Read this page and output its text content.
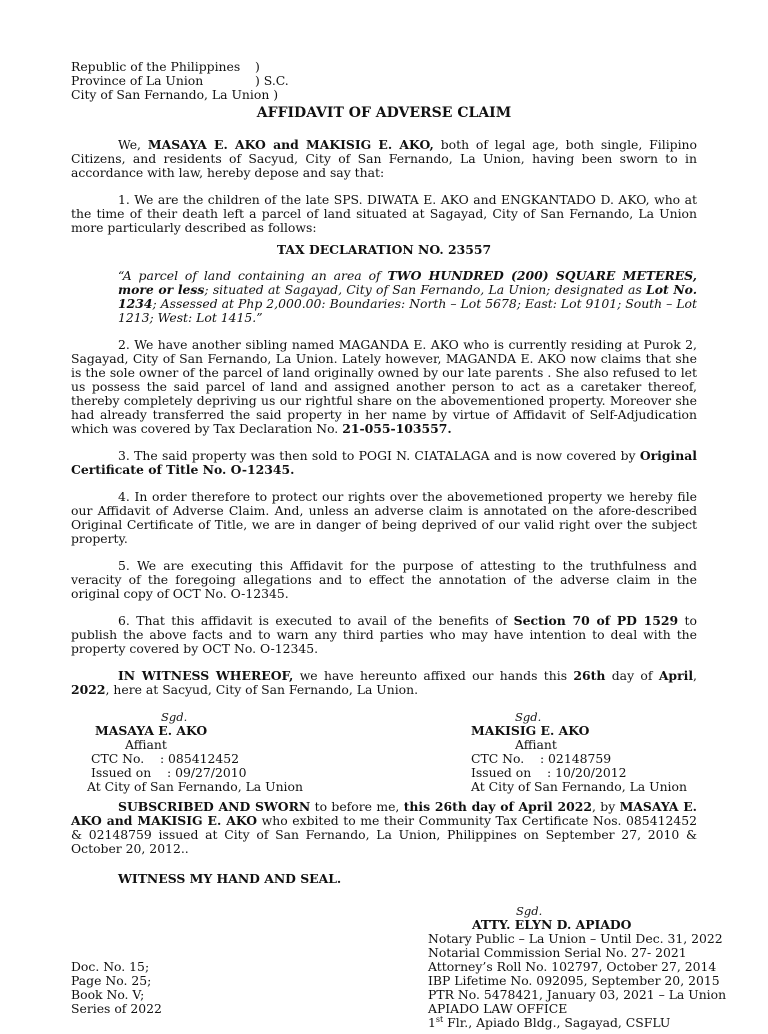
Republic of the Philippines )
Province of La Union	) S.C.
City of San Fernando, La Union )
AFFIDAVIT OF ADVERSE CLAIM

We, MASAYA E. AKO and MAKISIG E. AKO, both of legal age, both single, Filipino Citizens, and residents of Sacyud, City of San Fernando, La Union, having been sworn to in accordance with law, hereby depose and say that:

1. We are the children of the late SPS. DIWATA E. AKO and ENGKANTADO D. AKO, who at the time of their death left a parcel of land situated at Sagayad, City of San Fernando, La Union more particularly described as follows:

TAX DECLARATION NO. 23557

“A parcel of land containing an area of TWO HUNDRED (200) SQUARE METERES, more or less; situated at Sagayad, City of San Fernando, La Union; designated as Lot No. 1234; Assessed at Php 2,000.00: Boundaries: North – Lot 5678; East: Lot 9101; South – Lot 1213; West: Lot 1415.”

2. We have another sibling named MAGANDA E. AKO who is currently residing at Purok 2, Sagayad, City of San Fernando, La Union. Lately however, MAGANDA E. AKO now claims that she is the sole owner of the parcel of land originally owned by our late parents . She also refused to let us possess the said parcel of land and assigned another person to act as a caretaker thereof, thereby completely depriving us our rightful share on the abovementioned property. Moreover she had already transferred the said property in her name by virtue of Affidavit of Self-Adjudication which was covered by Tax Declaration No. 21-055-103557.

3. The said property was then sold to POGI N. CIATALAGA and is now covered by Original Certificate of Title No. O-12345.

4. In order therefore to protect our rights over the abovemetioned property we hereby file our Affidavit of Adverse Claim. And, unless an adverse claim is annotated on the afore-described Original Certificate of Title, we are in danger of being deprived of our valid right over the subject property.

5. We are executing this Affidavit for the purpose of attesting to the truthfulness and veracity of the foregoing allegations and to effect the annotation of the adverse claim in the original copy of OCT No. O-12345.

6. That this affidavit is executed to avail of the benefits of Section 70 of PD 1529 to publish the above facts and to warn any third parties who may have intention to deal with the property covered by OCT No. O-12345.

IN WITNESS WHEREOF, we have hereunto affixed our hands this 26th day of April, 2022, here at Sacyud, City of San Fernando, La Union.

Sgd.
MASAYA E. AKO
Affiant
CTC No.    : 085412452
Issued on    : 09/27/2010
At City of San Fernando, La Union
Sgd.
MAKISIG E. AKO
Affiant
CTC No.    : 02148759
Issued on    : 10/20/2012
At City of San Fernando, La Union

SUBSCRIBED AND SWORN to before me, this 26th day of April 2022, by MASAYA E. AKO and MAKISIG E. AKO who exbited to me their Community Tax Certificate Nos. 085412452 & 02148759 issued at City of San Fernando, La Union, Philippines on September 27, 2010 & October 20, 2012..

WITNESS MY HAND AND SEAL.
Sgd.
ATTY. ELYN D. APIADO
Notary Public – La Union – Until Dec. 31, 2022
Notarial Commission Serial No. 27- 2021
Attorney’s Roll No. 102797, October 27, 2014
IBP Lifetime No. 092095, September 20, 2015
PTR No. 5478421, January 03, 2021 – La Union
APIADO LAW OFFICE
1st Flr., Apiado Bldg., Sagayad, CSFLU
Doc. No. 15;
Page No. 25;
Book No. V;
Series of 2022
